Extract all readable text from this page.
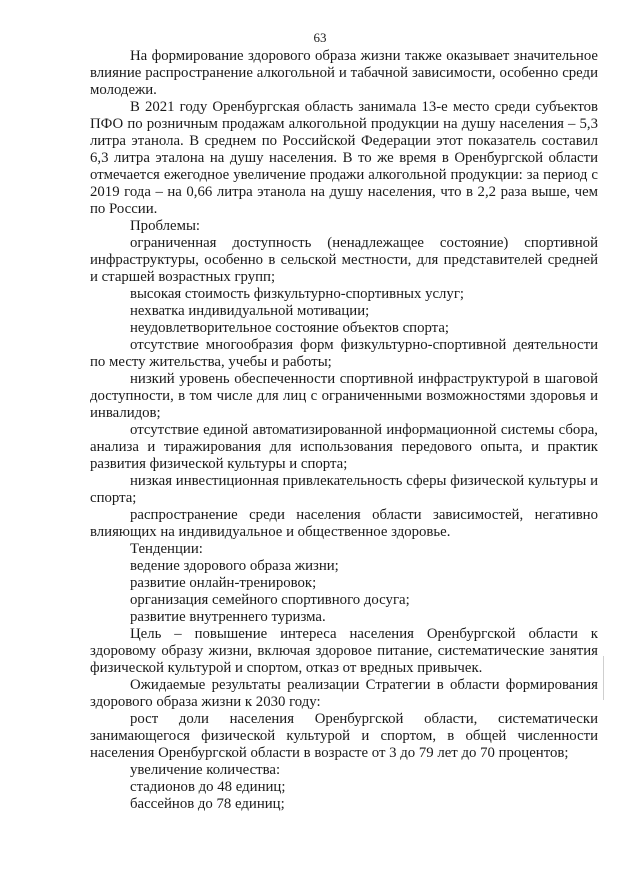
63

На формирование здорового образа жизни также оказывает значительное влияние распространение алкогольной и табачной зависимости, особенно среди молодежи.

В 2021 году Оренбургская область занимала 13-е место среди субъектов ПФО по розничным продажам алкогольной продукции на душу населения – 5,3 литра этанола. В среднем по Российской Федерации этот показатель составил 6,3 литра эталона на душу населения. В то же время в Оренбургской области отмечается ежегодное увеличение продажи алкогольной продукции: за период с 2019 года – на 0,66 литра этанола на душу населения, что в 2,2 раза выше, чем по России.

Проблемы:

ограниченная доступность (ненадлежащее состояние) спортивной инфраструктуры, особенно в сельской местности, для представителей средней и старшей возрастных групп;

высокая стоимость физкультурно-спортивных услуг;

нехватка индивидуальной мотивации;

неудовлетворительное состояние объектов спорта;

отсутствие многообразия форм физкультурно-спортивной деятельности по месту жительства, учебы и работы;

низкий уровень обеспеченности спортивной инфраструктурой в шаговой доступности, в том числе для лиц с ограниченными возможностями здоровья и инвалидов;

отсутствие единой автоматизированной информационной системы сбора, анализа и тиражирования для использования передового опыта, и практик развития физической культуры и спорта;

низкая инвестиционная привлекательность сферы физической культуры и спорта;

распространение среди населения области зависимостей, негативно влияющих на индивидуальное и общественное здоровье.

Тенденции:

ведение здорового образа жизни;

развитие онлайн-тренировок;

организация семейного спортивного досуга;

развитие внутреннего туризма.

Цель – повышение интереса населения Оренбургской области к здоровому образу жизни, включая здоровое питание, систематические занятия физической культурой и спортом, отказ от вредных привычек.

Ожидаемые результаты реализации Стратегии в области формирования здорового образа жизни к 2030 году:

рост доли населения Оренбургской области, систематически занимающегося физической культурой и спортом, в общей численности населения Оренбургской области в возрасте от 3 до 79 лет до 70 процентов;

увеличение количества:

стадионов до 48 единиц;

бассейнов до 78 единиц;
